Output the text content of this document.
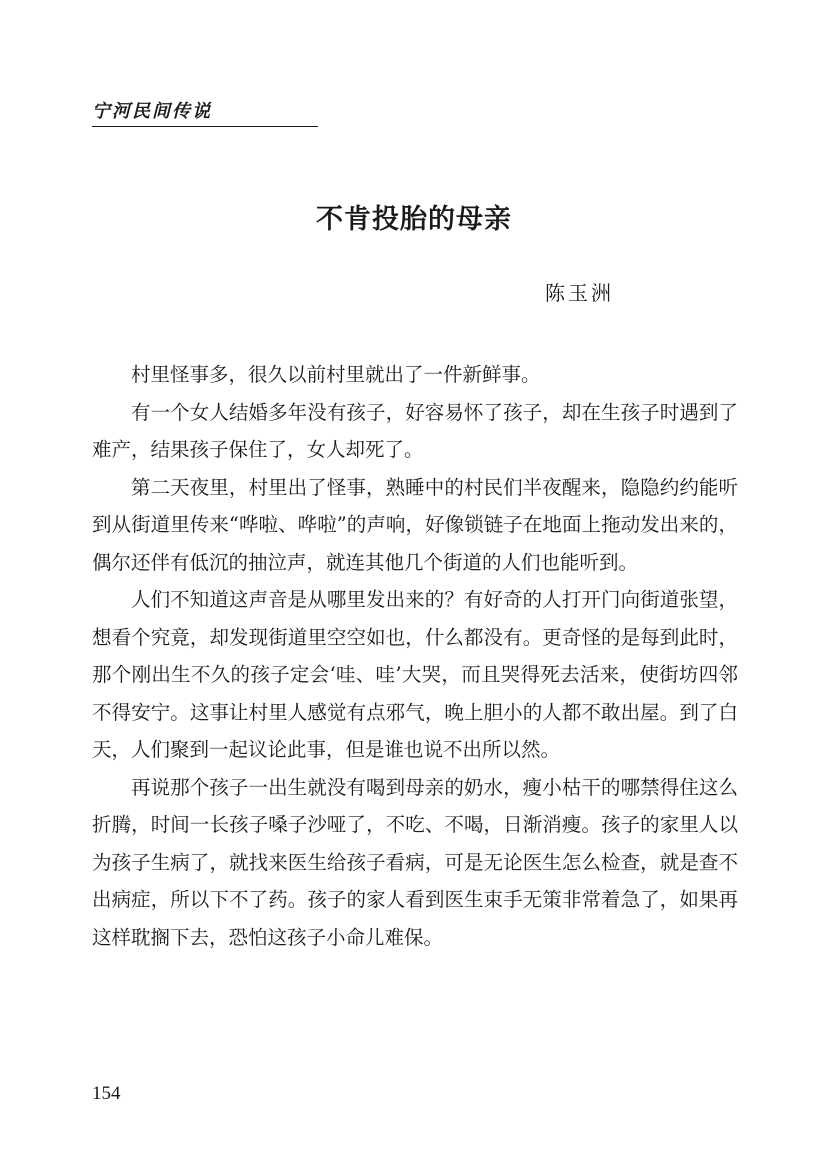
宁河民间传说
不肯投胎的母亲
陈玉洲

村里怪事多，很久以前村里就出了一件新鲜事。

有一个女人结婚多年没有孩子，好容易怀了孩子，却在生孩子时遇到了难产，结果孩子保住了，女人却死了。

第二天夜里，村里出了怪事，熟睡中的村民们半夜醒来，隐隐约约能听到从街道里传来“哗啦、哗啦”的声响，好像锁链子在地面上拖动发出来的，偶尔还伴有低沉的抽泣声，就连其他几个街道的人们也能听到。

人们不知道这声音是从哪里发出来的？有好奇的人打开门向街道张望，想看个究竟，却发现街道里空空如也，什么都没有。更奇怪的是每到此时，那个刚出生不久的孩子定会‘哇、哇’大哭，而且哭得死去活来，使街坊四邻不得安宁。这事让村里人感觉有点邪气，晚上胆小的人都不敢出屋。到了白天，人们聚到一起议论此事，但是谁也说不出所以然。

再说那个孩子一出生就没有喝到母亲的奶水，瘦小枯干的哪禁得住这么折腾，时间一长孩子嗓子沙哑了，不吃、不喝，日渐消瘦。孩子的家里人以为孩子生病了，就找来医生给孩子看病，可是无论医生怎么检查，就是查不出病症，所以下不了药。孩子的家人看到医生束手无策非常着急了，如果再这样耽搁下去，恐怕这孩子小命儿难保。

154
